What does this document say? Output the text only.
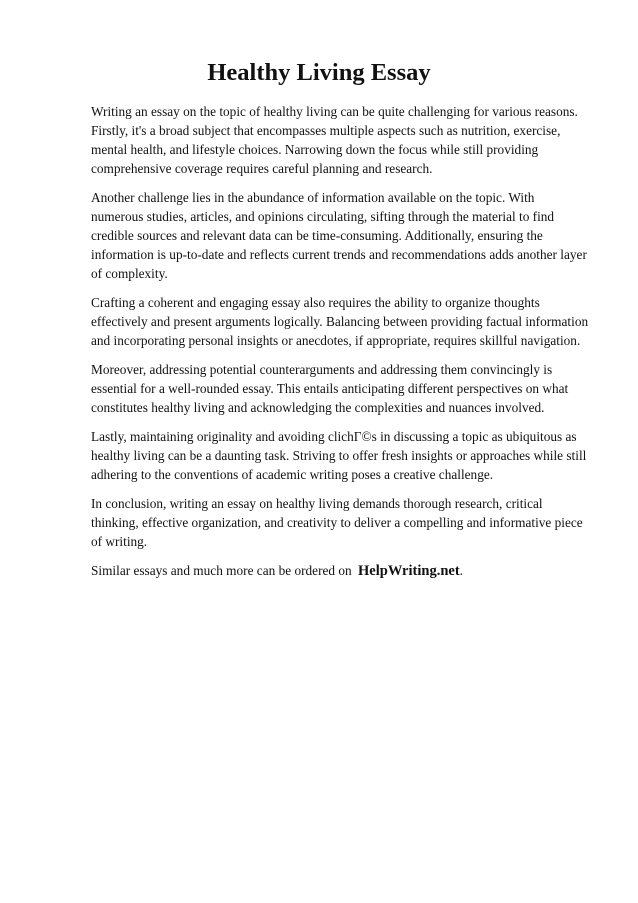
Healthy Living Essay

Writing an essay on the topic of healthy living can be quite challenging for various reasons. Firstly, it's a broad subject that encompasses multiple aspects such as nutrition, exercise, mental health, and lifestyle choices. Narrowing down the focus while still providing comprehensive coverage requires careful planning and research.

Another challenge lies in the abundance of information available on the topic. With numerous studies, articles, and opinions circulating, sifting through the material to find credible sources and relevant data can be time-consuming. Additionally, ensuring the information is up-to-date and reflects current trends and recommendations adds another layer of complexity.

Crafting a coherent and engaging essay also requires the ability to organize thoughts effectively and present arguments logically. Balancing between providing factual information and incorporating personal insights or anecdotes, if appropriate, requires skillful navigation.

Moreover, addressing potential counterarguments and addressing them convincingly is essential for a well-rounded essay. This entails anticipating different perspectives on what constitutes healthy living and acknowledging the complexities and nuances involved.

Lastly, maintaining originality and avoiding clichГ©s in discussing a topic as ubiquitous as healthy living can be a daunting task. Striving to offer fresh insights or approaches while still adhering to the conventions of academic writing poses a creative challenge.

In conclusion, writing an essay on healthy living demands thorough research, critical thinking, effective organization, and creativity to deliver a compelling and informative piece of writing.

Similar essays and much more can be ordered on HelpWriting.net.
